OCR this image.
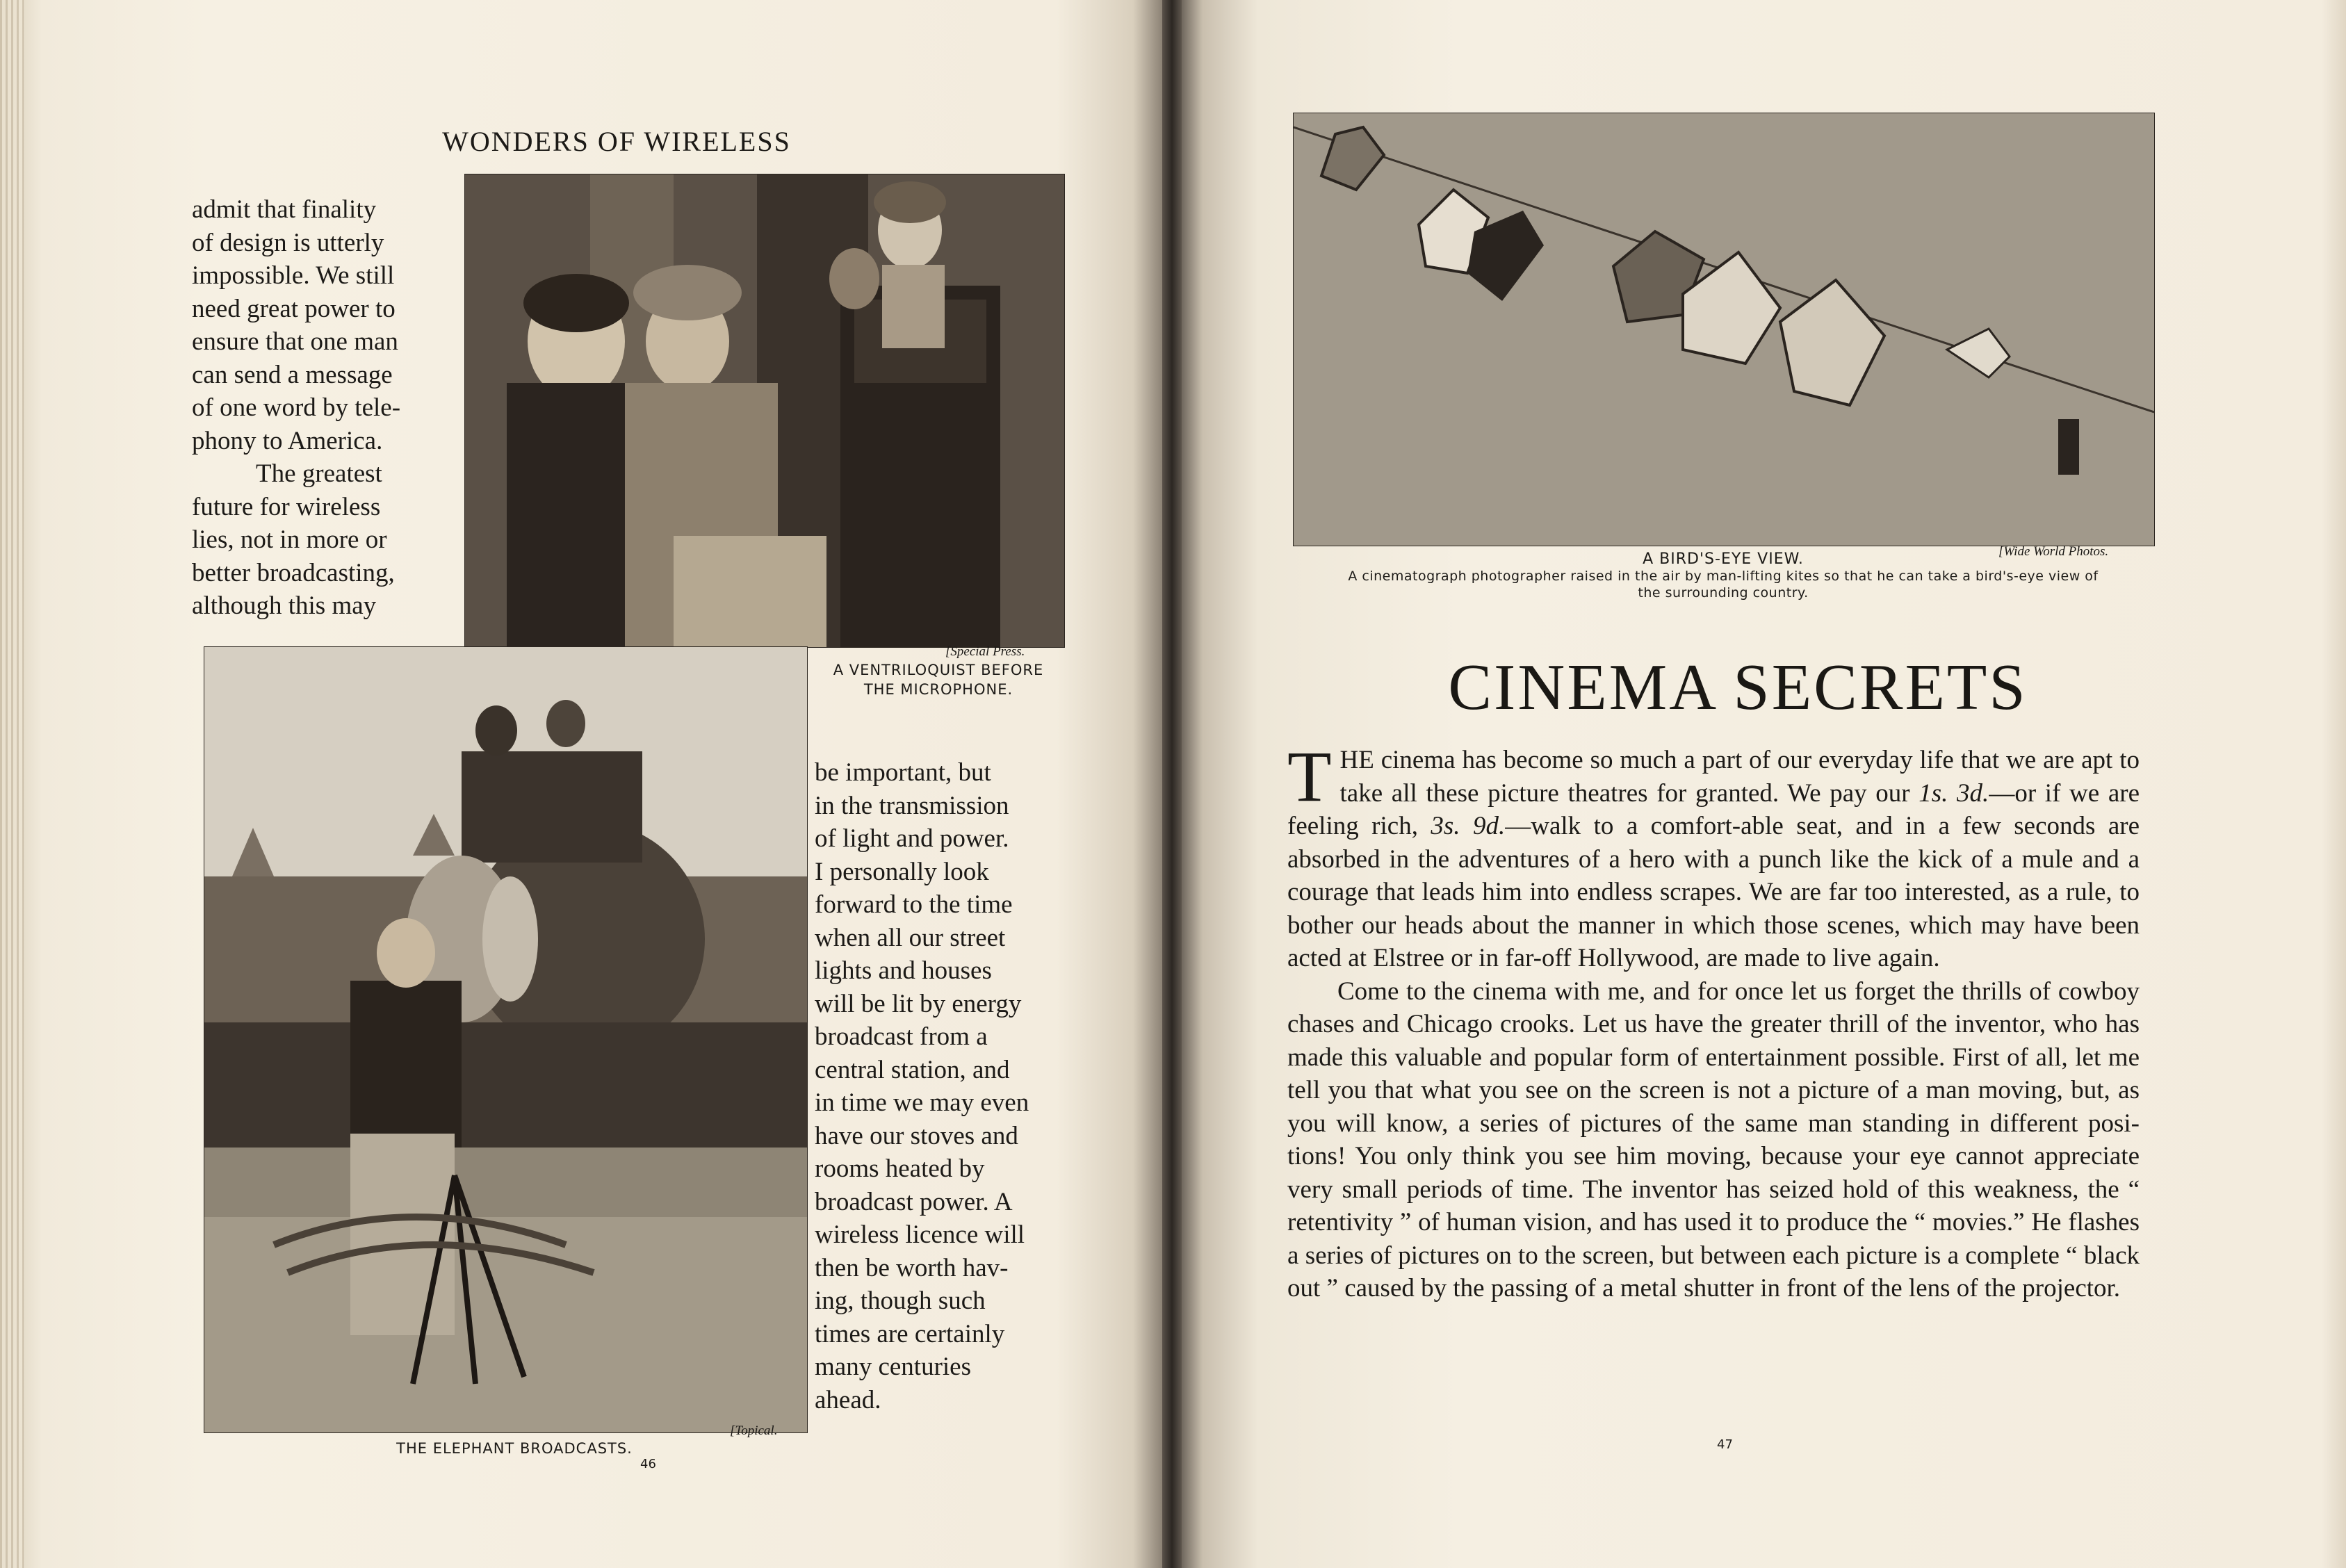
WONDERS OF WIRELESS

admit that finality

of design is utterly

impossible. We still

need great power to

ensure that one man

can send a message

of one word by tele-

phony to America.

The greatest

future for wireless

lies, not in more or

better broadcasting,

although this may

[Special Press.
A VENTRILOQUIST BEFORE
THE MICROPHONE.
[Topical.
THE ELEPHANT BROADCASTS.
46

be important, but

in the transmission

of light and power.

I personally look

forward to the time

when all our street

lights and houses

will be lit by energy

broadcast from a

central station, and

in time we may even

have our stoves and

rooms heated by

broadcast power. A

wireless licence will

then be worth hav-

ing, though such

times are certainly

many centuries

ahead.

[Wide World Photos.
A BIRD'S-EYE VIEW.
A cinematograph photographer raised in the air by man-lifting kites so that he can take a bird's-eye view of
the surrounding country.
CINEMA SECRETS

THE cinema has become so much a part of our everyday life that we are apt to take all these picture theatres for granted. We pay our 1s. 3d.—or if we are feeling rich, 3s. 9d.—walk to a comfort-able seat, and in a few seconds are absorbed in the adventures of a hero with a punch like the kick of a mule and a courage that leads him into endless scrapes. We are far too interested, as a rule, to bother our heads about the manner in which those scenes, which may have been acted at Elstree or in far-off Hollywood, are made to live again.

Come to the cinema with me, and for once let us forget the thrills of cowboy chases and Chicago crooks. Let us have the greater thrill of the inventor, who has made this valuable and popular form of entertainment possible. First of all, let me tell you that what you see on the screen is not a picture of a man moving, but, as you will know, a series of pictures of the same man standing in different posi-tions! You only think you see him moving, because your eye cannot appreciate very small periods of time. The inventor has seized hold of this weakness, the “ retentivity ” of human vision, and has used it to produce the “ movies.” He flashes a series of pictures on to the screen, but between each picture is a complete “ black out ” caused by the passing of a metal shutter in front of the lens of the projector.

47
